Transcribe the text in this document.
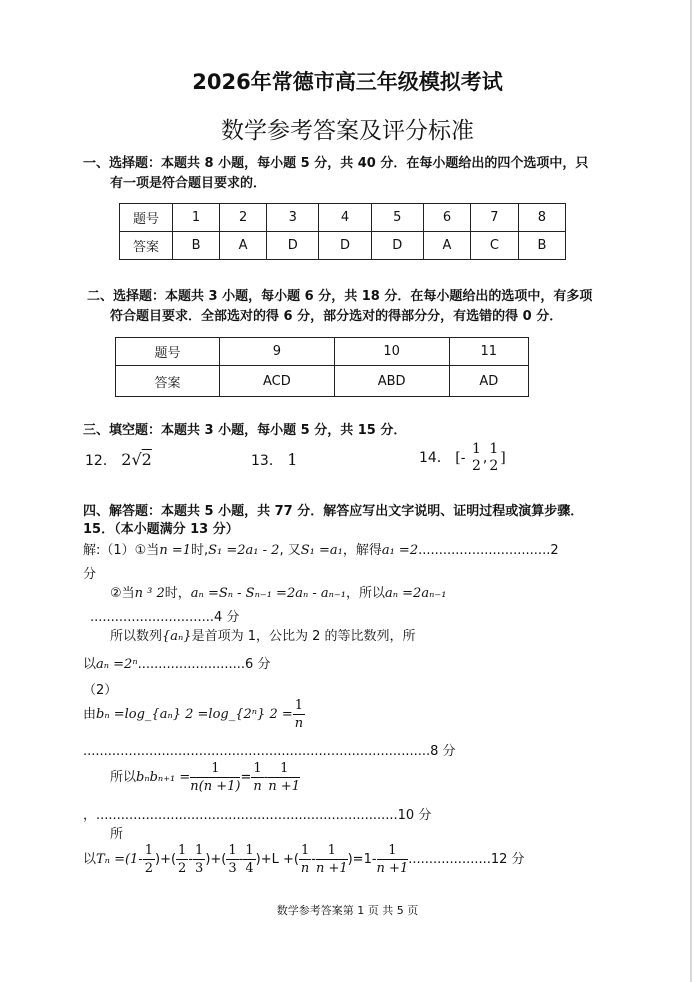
2026年常德市高三年级模拟考试
数学参考答案及评分标准
一、选择题：本题共 8 小题，每小题 5 分，共 40 分．在每小题给出的四个选项中，只
有一项是符合题目要求的．
题号	1	2	3	4	5	6	7	8
答案	B	A	D	D	D	A	C	B
二、选择题：本题共 3 小题，每小题 6 分，共 18 分．在每小题给出的选项中，有多项
符合题目要求．全部选对的得 6 分，部分选对的得部分分，有选错的得 0 分．
题号	9	10	11
答案	ACD	ABD	AD
三、填空题：本题共 3 小题，每小题 5 分，共 15 分．
12． 2√2	13． 1	14． [-
1
2 ,
1
2 ]
四、解答题：本题共 5 小题，共 77 分．解答应写出文字说明、证明过程或演算步骤．
15．（本小题满分 13 分）
解:（1）①当n =1时,S₁ =2a₁ - 2, 又S₁ =a₁，解得a₁ =2................................2
分
②当n ³ 2时，aₙ =Sₙ - Sₙ₋₁ =2aₙ - aₙ₋₁，所以aₙ =2aₙ₋₁
..............................4 分
所以数列{aₙ}是首项为 1，公比为 2 的等比数列，所
以aₙ =2ⁿ..........................6 分
（2）
由bₙ =log_{aₙ} 2 =log_{2ⁿ} $2 = \frac{1}{n}$
....................................................................................8 分
所以$b_nb_{n+1} = \frac{1}{n(n +1)} = \frac{1}{n} - \frac{1}{n +1}$
，.........................................................................10 分
所
以$T_n =(1- \frac{1}{2}$ )+( $\frac{1}{2} - \frac{1}{3}$ )+( $\frac{1}{3} - \frac{1}{4} )+L$ +( $\frac{1}{n} - \frac{1}{n +1} )=1- \frac{1}{n +1} ....................12$ 分
数学参考答案第 1 页 共 5 页
